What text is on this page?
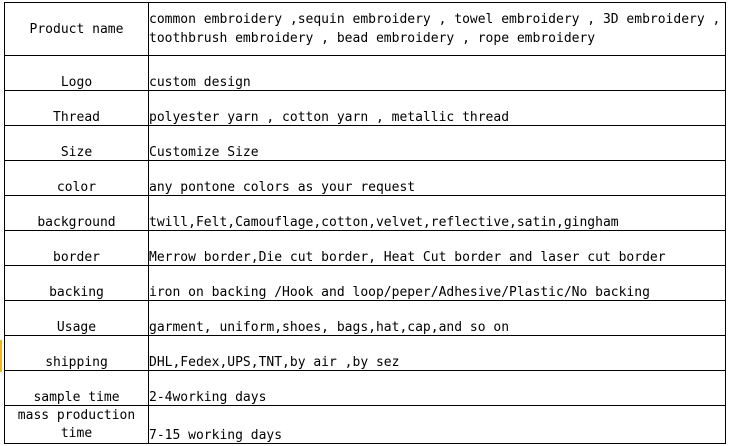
Product name	common embroidery ,sequin embroidery , towel embroidery , 3D embroidery , toothbrush embroidery , bead embroidery , rope embroidery
Logo	custom design
Thread	polyester yarn , cotton yarn , metallic thread
Size	Customize Size
color	any pontone colors as your request
background	twill,Felt,Camouflage,cotton,velvet,reflective,satin,gingham
border	Merrow border,Die cut border, Heat Cut border and laser cut border
backing	iron on backing /Hook and loop/peper/Adhesive/Plastic/No backing
Usage	garment, uniform,shoes, bags,hat,cap,and so on
shipping	DHL,Fedex,UPS,TNT,by air ,by sez
sample time	2-4working days
mass production time	7-15 working days
